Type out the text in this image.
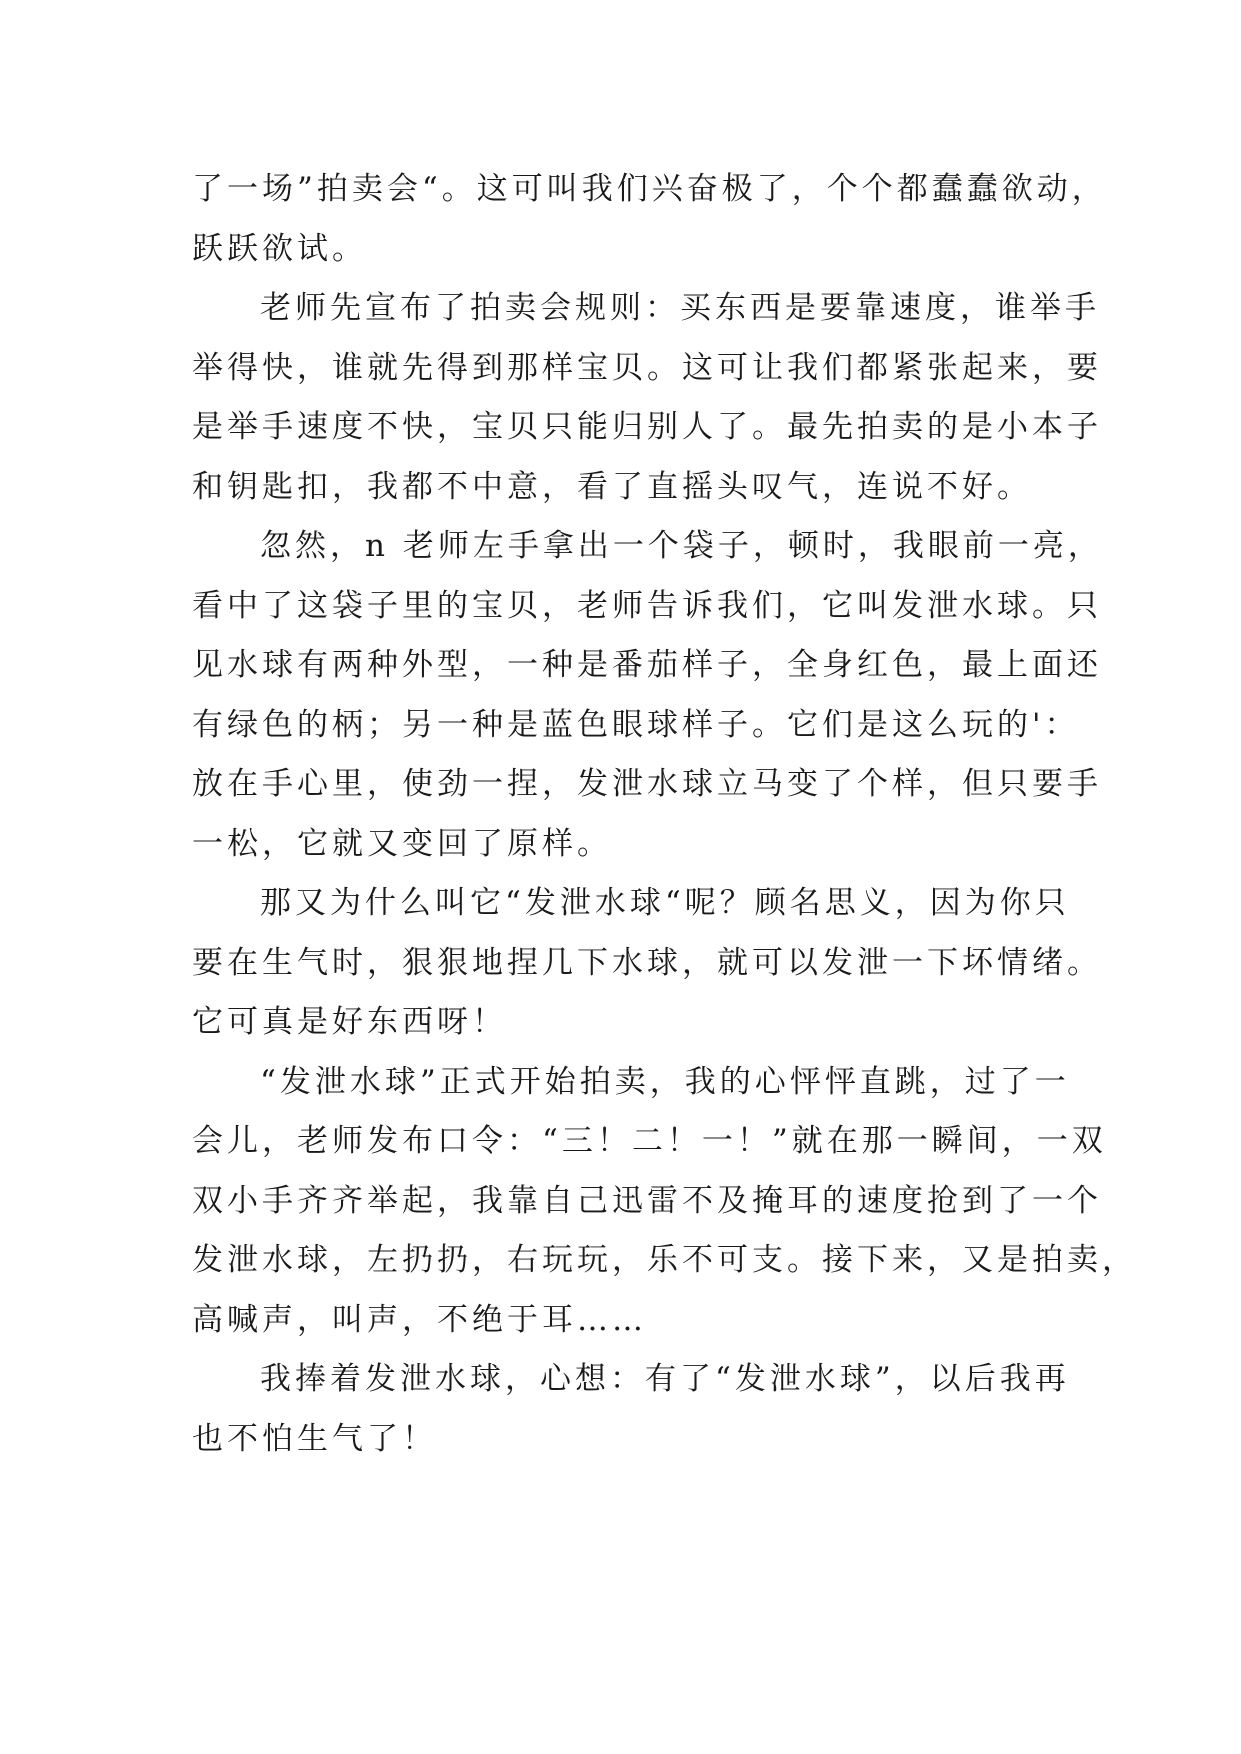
了一场”拍卖会“。这可叫我们兴奋极了，个个都蠢蠢欲动，
跃跃欲试。
老师先宣布了拍卖会规则：买东西是要靠速度，谁举手
举得快，谁就先得到那样宝贝。这可让我们都紧张起来，要
是举手速度不快，宝贝只能归别人了。最先拍卖的是小本子
和钥匙扣，我都不中意，看了直摇头叹气，连说不好。
忽然，n 老师左手拿出一个袋子，顿时，我眼前一亮，
看中了这袋子里的宝贝，老师告诉我们，它叫发泄水球。只
见水球有两种外型，一种是番茄样子，全身红色，最上面还
有绿色的柄；另一种是蓝色眼球样子。它们是这么玩的'：
放在手心里，使劲一捏，发泄水球立马变了个样，但只要手
一松，它就又变回了原样。
那又为什么叫它“发泄水球“呢？顾名思义，因为你只
要在生气时，狠狠地捏几下水球，就可以发泄一下坏情绪。
它可真是好东西呀！
“发泄水球”正式开始拍卖，我的心怦怦直跳，过了一
会儿，老师发布口令：“三！二！一！”就在那一瞬间，一双
双小手齐齐举起，我靠自己迅雷不及掩耳的速度抢到了一个
发泄水球，左扔扔，右玩玩，乐不可支。接下来，又是拍卖，
高喊声，叫声，不绝于耳……
我捧着发泄水球，心想：有了“发泄水球”，以后我再
也不怕生气了！
